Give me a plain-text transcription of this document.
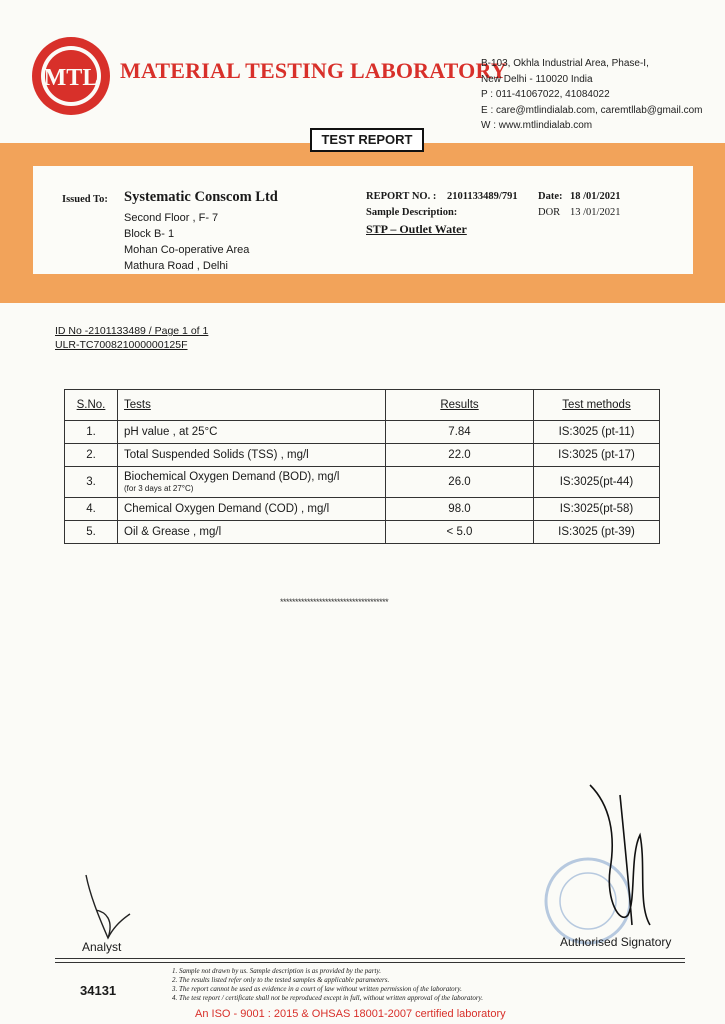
MTL MATERIAL TESTING LABORATORY
B-103, Okhla Industrial Area, Phase-I,
New Delhi - 110020 India
P : 011-41067022, 41084022
E : care@mtlindialab.com, caremtllab@gmail.com
W : www.mtlindialab.com
TEST REPORT
Issued To: Systematic Conscom Ltd
Second Floor , F- 7
Block B- 1
Mohan Co-operative Area
Mathura Road , Delhi
REPORT NO. : 2101133489/791 Date: 18 /01/2021
Sample Description:	DOR 13 /01/2021
STP – Outlet Water
ID No -2101133489 / Page 1 of 1
ULR-TC700821000000125F
S.No.	Tests	Results	Test methods
1.	pH value , at 25°C	7.84	IS:3025 (pt-11)
2.	Total Suspended Solids (TSS) , mg/l	22.0	IS:3025 (pt-17)
3.	Biochemical Oxygen Demand (BOD), mg/l
(for 3 days at 27°C)	26.0	IS:3025(pt-44)
4.	Chemical Oxygen Demand (COD) , mg/l	98.0	IS:3025(pt-58)
5.	Oil & Grease , mg/l	< 5.0	IS:3025 (pt-39)
************************************
Analyst	Authorised Signatory
34131
1. Sample not drawn by us. Sample description is as provided by the party.
2. The results listed refer only to the tested samples & applicable parameters.
3. The report cannot be used as evidence in a court of law without written permission of the laboratory.
4. The test report / certificate shall not be reproduced except in full, without written approval of the laboratory.
An ISO - 9001 : 2015 & OHSAS 18001-2007 certified laboratory
